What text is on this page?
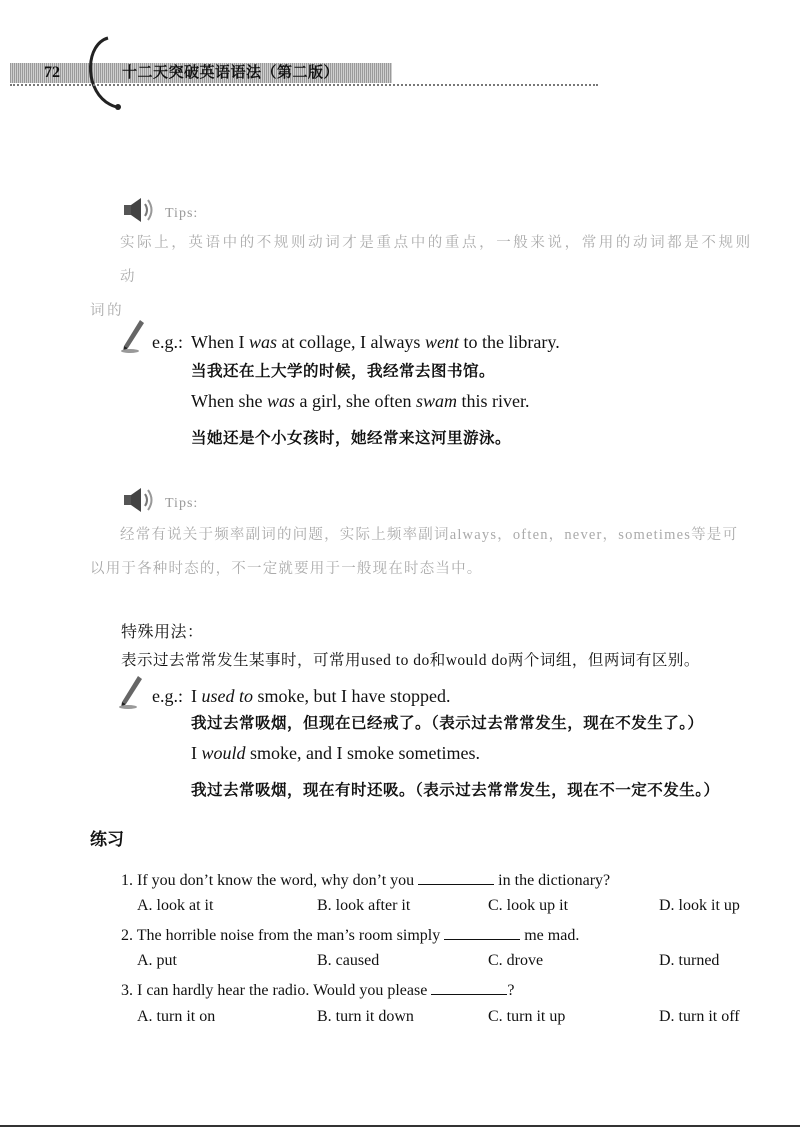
72	十二天突破英语语法（第二版）
Tips:
实际上，英语中的不规则动词才是重点中的重点，一般来说，常用的动词都是不规则动
词的
e.g.: When I was at collage, I always went to the library.
当我还在上大学的时候，我经常去图书馆。
When she was a girl, she often swam this river.
当她还是个小女孩时，她经常来这河里游泳。
Tips:
经常有说关于频率副词的问题，实际上频率副词always，often，never，sometimes等是可
以用于各种时态的，不一定就要用于一般现在时态当中。
特殊用法：
表示过去常常发生某事时，可常用used to do和would do两个词组，但两词有区别。
e.g.: I used to smoke, but I have stopped.
我过去常吸烟，但现在已经戒了。（表示过去常常发生，现在不发生了。）
I would smoke, and I smoke sometimes.
我过去常吸烟，现在有时还吸。（表示过去常常发生，现在不一定不发生。）
练习
1. If you don’t know the word, why don’t you	in the dictionary?
A. look at it	B. look after it	C. look up it	D. look it up
2. The horrible noise from the man’s room simply	me mad.
A. put	B. caused	C. drove	D. turned
3. I can hardly hear the radio. Would you please	?
A. turn it on	B. turn it down	C. turn it up	D. turn it off
